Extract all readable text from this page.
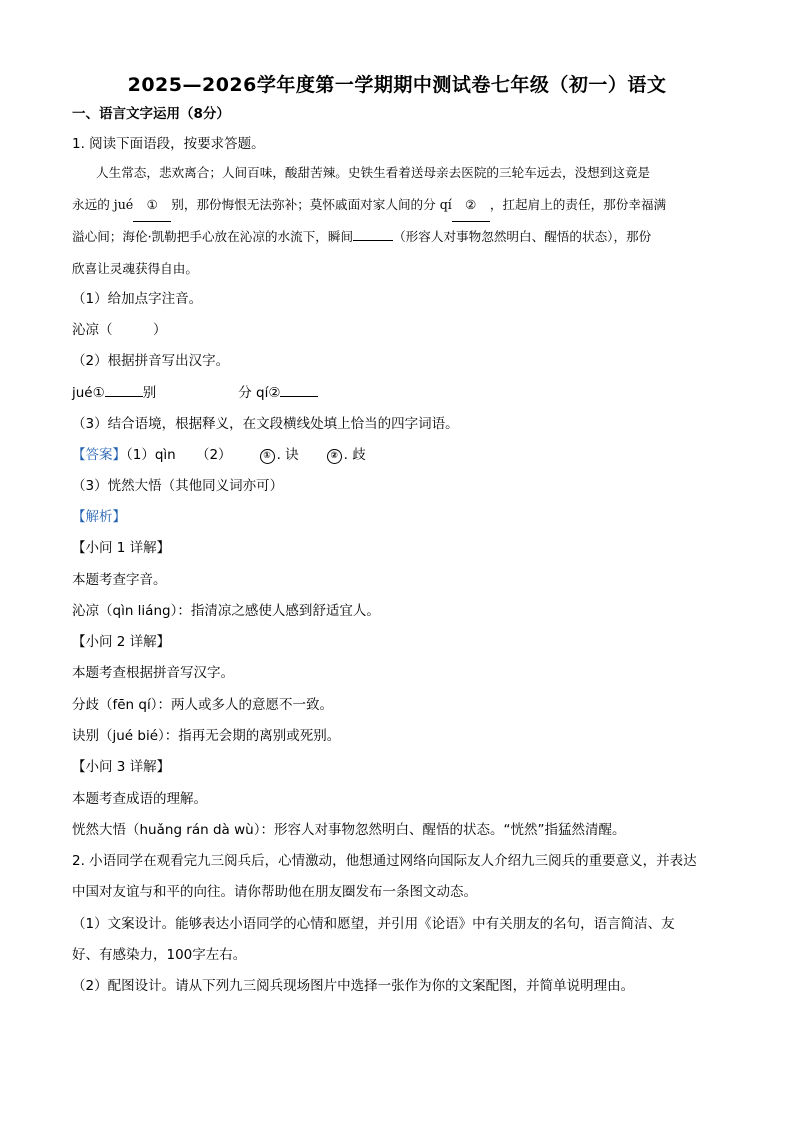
2025—2026学年度第一学期期中测试卷七年级（初一）语文
一、语言文字运用（8分）
1. 阅读下面语段，按要求答题。
人生常态，悲欢离合；人间百味，酸甜苦辣。史铁生看着送母亲去医院的三轮车远去，没想到这竟是
永远的 jué ① 别，那份悔恨无法弥补；莫怀戚面对家人间的分 qí ② ，扛起肩上的责任，那份幸福满
溢心间；海伦·凯勒把手心放在沁凉的水流下，瞬间	（形容人对事物忽然明白、醒悟的状态），那份
欣喜让灵魂获得自由。
（1）给加点字注音。
沁凉（　　　）
（2）根据拼音写出汉字。
jué①	别	分 qí②
（3）结合语境，根据释义，在文段横线处填上恰当的四字词语。
【答案】（1）qìn　　（2）	① . 诀	② . 歧
（3）恍然大悟（其他同义词亦可）
【解析】
【小问 1 详解】
本题考查字音。
沁凉（qìn liáng）：指清凉之感使人感到舒适宜人。
【小问 2 详解】
本题考查根据拼音写汉字。
分歧（fēn qí）：两人或多人的意愿不一致。
诀别（jué bié）：指再无会期的离别或死别。
【小问 3 详解】
本题考查成语的理解。
恍然大悟（huǎng rán dà wù）：形容人对事物忽然明白、醒悟的状态。“恍然”指猛然清醒。
2. 小语同学在观看完九三阅兵后，心情激动，他想通过网络向国际友人介绍九三阅兵的重要意义，并表达
中国对友谊与和平的向往。请你帮助他在朋友圈发布一条图文动态。
（1）文案设计。能够表达小语同学的心情和愿望，并引用《论语》中有关朋友的名句，语言简洁、友
好、有感染力，100字左右。
（2）配图设计。请从下列九三阅兵现场图片中选择一张作为你的文案配图，并简单说明理由。
